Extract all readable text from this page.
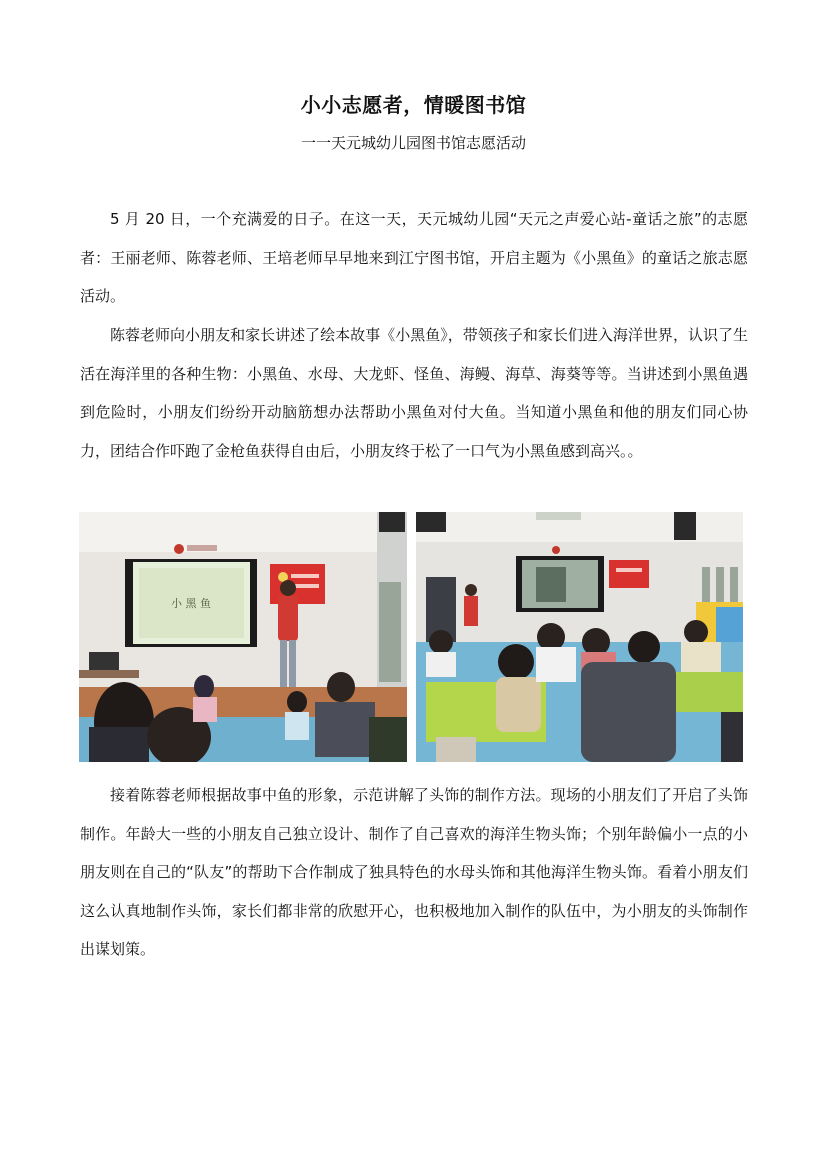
小小志愿者，情暖图书馆
一一天元城幼儿园图书馆志愿活动

5 月 20 日，一个充满爱的日子。在这一天，天元城幼儿园“天元之声爱心站-童话之旅”的志愿者：王丽老师、陈蓉老师、王培老师早早地来到江宁图书馆，开启主题为《小黑鱼》的童话之旅志愿活动。

陈蓉老师向小朋友和家长讲述了绘本故事《小黑鱼》，带领孩子和家长们进入海洋世界，认识了生活在海洋里的各种生物：小黑鱼、水母、大龙虾、怪鱼、海鳗、海草、海葵等等。当讲述到小黑鱼遇到危险时，小朋友们纷纷开动脑筋想办法帮助小黑鱼对付大鱼。当知道小黑鱼和他的朋友们同心协力，团结合作吓跑了金枪鱼获得自由后，小朋友终于松了一口气为小黑鱼感到高兴。。

小 黑 鱼

接着陈蓉老师根据故事中鱼的形象，示范讲解了头饰的制作方法。现场的小朋友们了开启了头饰制作。年龄大一些的小朋友自己独立设计、制作了自己喜欢的海洋生物头饰；个别年龄偏小一点的小朋友则在自己的“队友”的帮助下合作制成了独具特色的水母头饰和其他海洋生物头饰。看着小朋友们这么认真地制作头饰，家长们都非常的欣慰开心，也积极地加入制作的队伍中，为小朋友的头饰制作出谋划策。
